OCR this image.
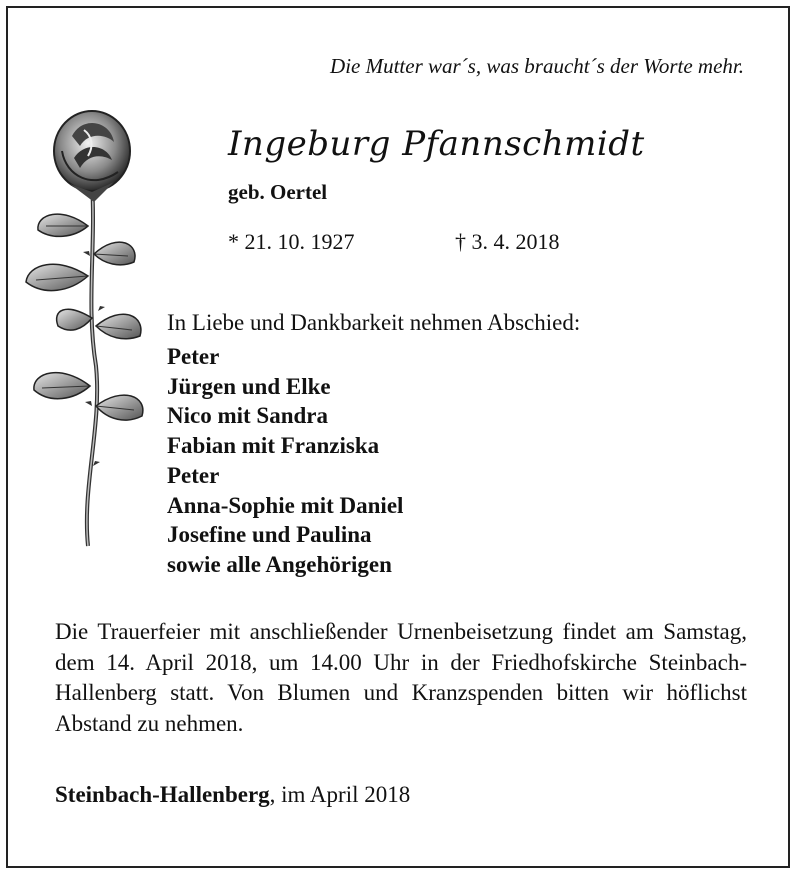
Die Mutter war´s, was braucht´s der Worte mehr.
Ingeburg Pfannschmidt
geb. Oertel
* 21. 10. 1927	† 3. 4. 2018
In Liebe und Dankbarkeit nehmen Abschied:
Peter
Jürgen und Elke
Nico mit Sandra
Fabian mit Franziska
Peter
Anna-Sophie mit Daniel
Josefine und Paulina
sowie alle Angehörigen
Die Trauerfeier mit anschließender Urnenbeisetzung findet am Samstag, dem 14. April 2018, um 14.00 Uhr in der Friedhofskirche Steinbach-Hallenberg statt. Von Blumen und Kranzspenden bitten wir höflichst Abstand zu nehmen.
Steinbach-Hallenberg, im April 2018
